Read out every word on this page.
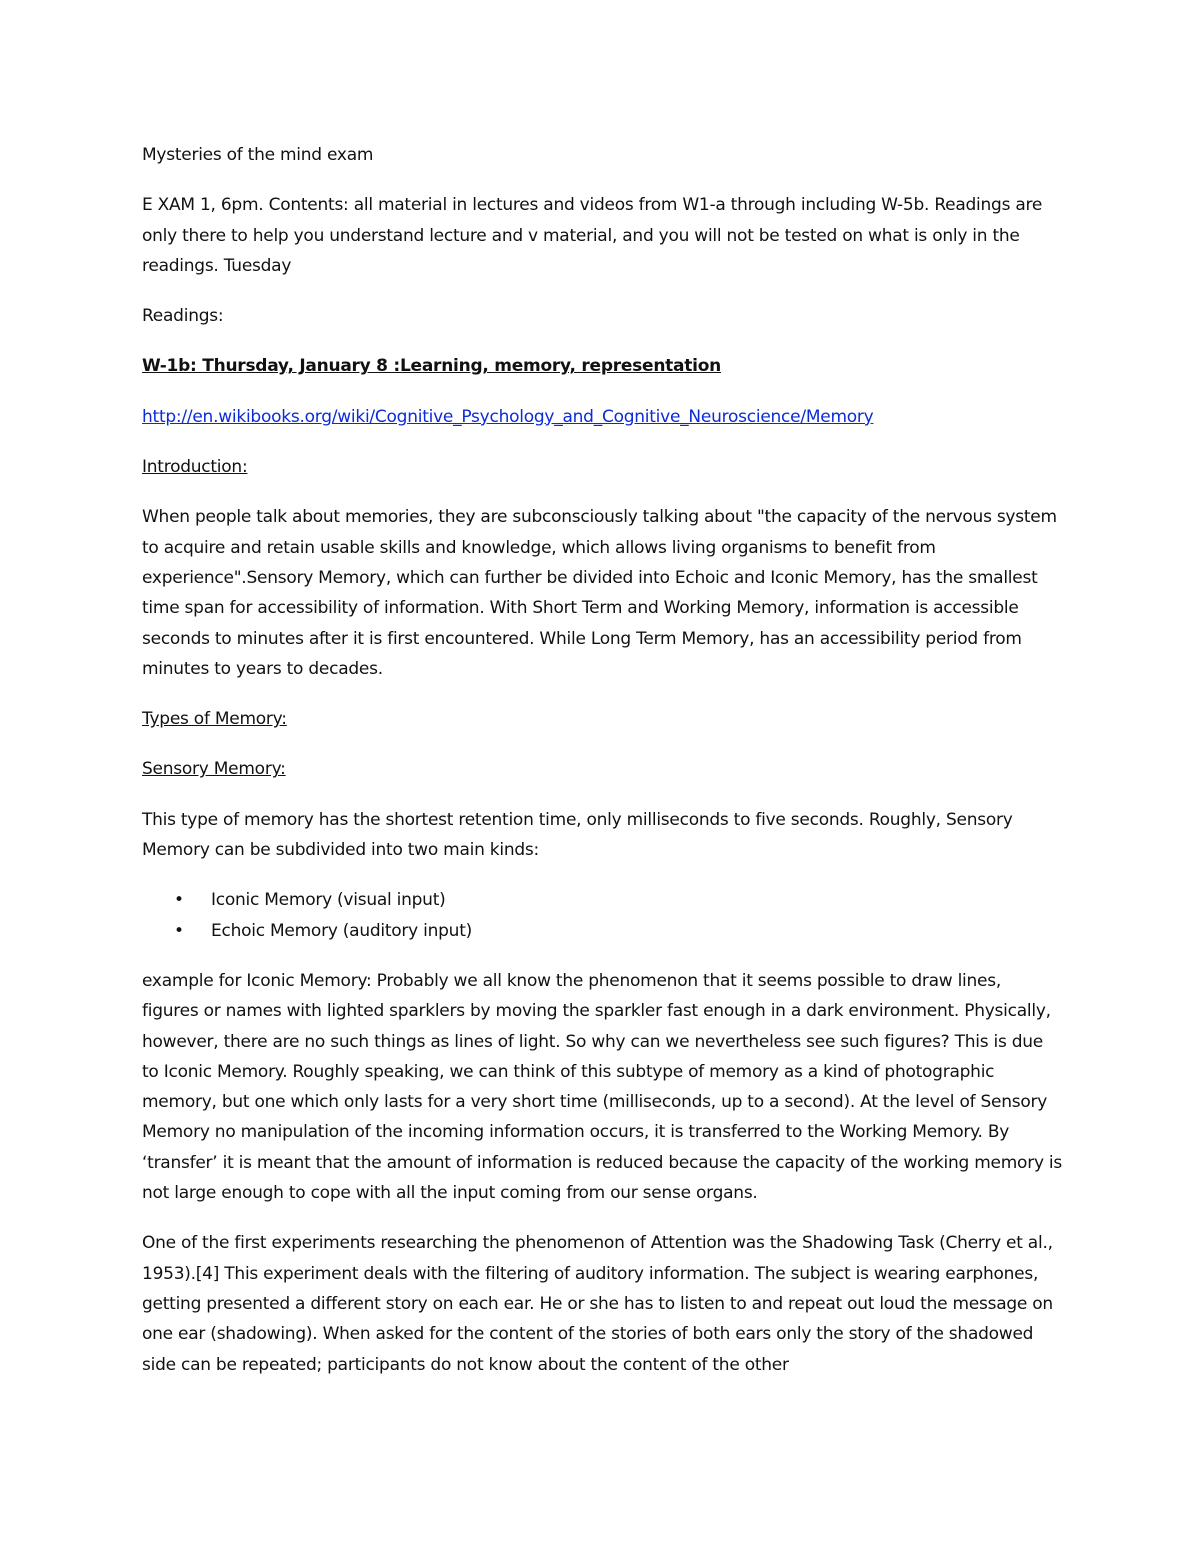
Mysteries of the mind exam

E XAM 1, 6pm. Contents: all material in lectures and videos from W1-a through including W-5b. Readings are only there to help you understand lecture and v material, and you will not be tested on what is only in the readings. Tuesday

Readings:

W-1b: Thursday, January 8 :Learning, memory, representation

http://en.wikibooks.org/wiki/Cognitive_Psychology_and_Cognitive_Neuroscience/Memory

Introduction:

When people talk about memories, they are subconsciously talking about "the capacity of the nervous system to acquire and retain usable skills and knowledge, which allows living organisms to benefit from experience".Sensory Memory, which can further be divided into Echoic and Iconic Memory, has the smallest time span for accessibility of information. With Short Term and Working Memory, information is accessible seconds to minutes after it is first encountered. While Long Term Memory, has an accessibility period from minutes to years to decades.

Types of Memory:

Sensory Memory:

This type of memory has the shortest retention time, only milliseconds to five seconds. Roughly, Sensory Memory can be subdivided into two main kinds:

• Iconic Memory (visual input)
• Echoic Memory (auditory input)

example for Iconic Memory: Probably we all know the phenomenon that it seems possible to draw lines, figures or names with lighted sparklers by moving the sparkler fast enough in a dark environment. Physically, however, there are no such things as lines of light. So why can we nevertheless see such figures? This is due to Iconic Memory. Roughly speaking, we can think of this subtype of memory as a kind of photographic memory, but one which only lasts for a very short time (milliseconds, up to a second). At the level of Sensory Memory no manipulation of the incoming information occurs, it is transferred to the Working Memory. By ‘transfer’ it is meant that the amount of information is reduced because the capacity of the working memory is not large enough to cope with all the input coming from our sense organs.

One of the first experiments researching the phenomenon of Attention was the Shadowing Task (Cherry et al., 1953).[4] This experiment deals with the filtering of auditory information. The subject is wearing earphones, getting presented a different story on each ear. He or she has to listen to and repeat out loud the message on one ear (shadowing). When asked for the content of the stories of both ears only the story of the shadowed side can be repeated; participants do not know about the content of the other
